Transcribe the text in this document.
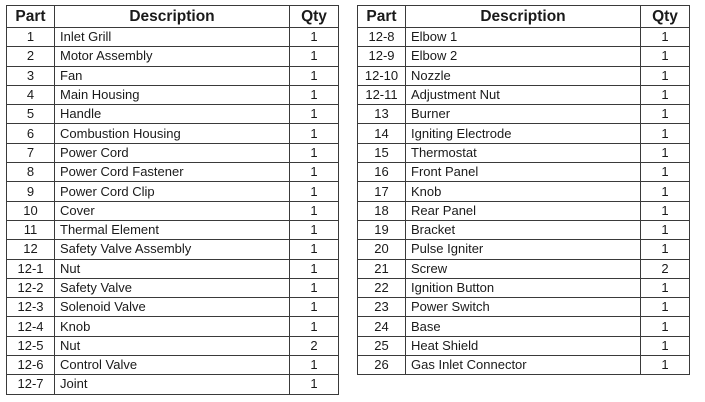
Part	Description	Qty
1	Inlet Grill	1
2	Motor Assembly	1
3	Fan	1
4	Main Housing	1
5	Handle	1
6	Combustion Housing	1
7	Power Cord	1
8	Power Cord Fastener	1
9	Power Cord Clip	1
10	Cover	1
11	Thermal Element	1
12	Safety Valve Assembly	1
12-1	Nut	1
12-2	Safety Valve	1
12-3	Solenoid Valve	1
12-4	Knob	1
12-5	Nut	2
12-6	Control Valve	1
12-7	Joint	1
Part	Description	Qty
12-8	Elbow 1	1
12-9	Elbow 2	1
12-10	Nozzle	1
12-11	Adjustment Nut	1
13	Burner	1
14	Igniting Electrode	1
15	Thermostat	1
16	Front Panel	1
17	Knob	1
18	Rear Panel	1
19	Bracket	1
20	Pulse Igniter	1
21	Screw	2
22	Ignition Button	1
23	Power Switch	1
24	Base	1
25	Heat Shield	1
26	Gas Inlet Connector	1
